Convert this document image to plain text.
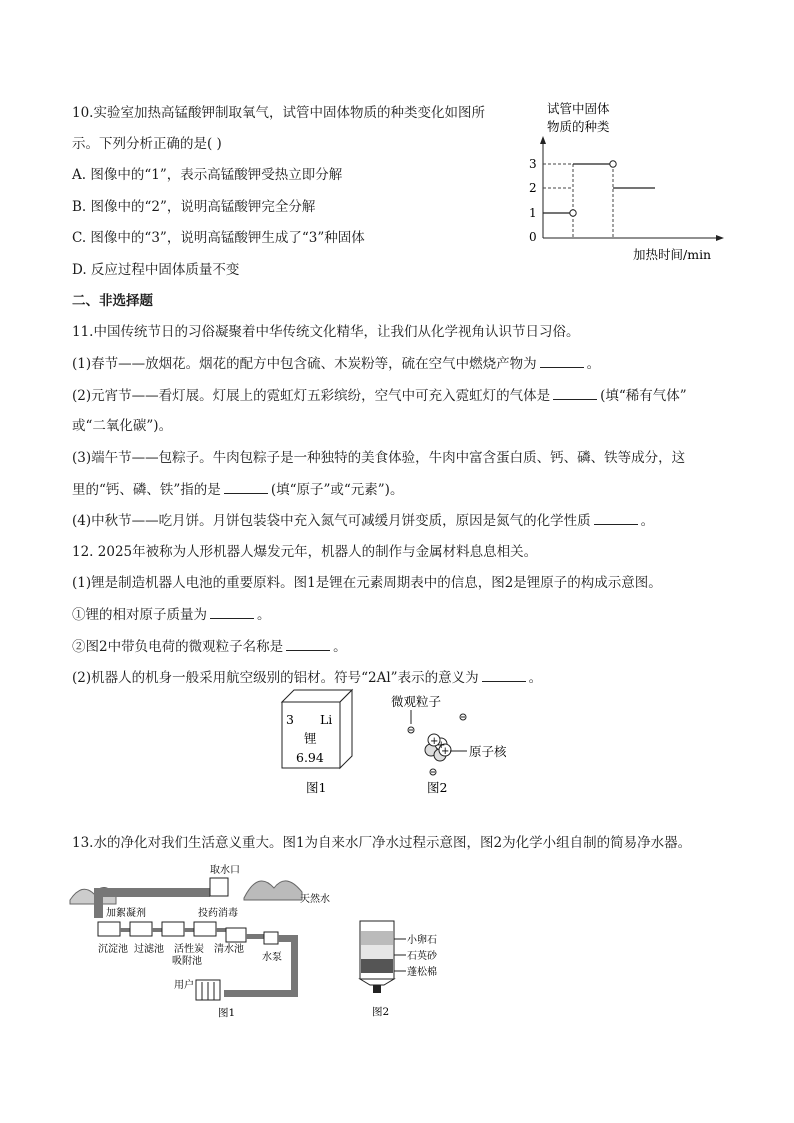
10.实验室加热高锰酸钾制取氧气，试管中固体物质的种类变化如图所
示。下列分析正确的是( )
A. 图像中的“1”，表示高锰酸钾受热立即分解
B. 图像中的“2”，说明高锰酸钾完全分解
C. 图像中的“3”，说明高锰酸钾生成了“3”种固体
D. 反应过程中固体质量不变
试管中固体
物质的种类
加热时间/min
3
2
1
0
二、非选择题
11.中国传统节日的习俗凝聚着中华传统文化精华，让我们从化学视角认识节日习俗。
(1)春节——放烟花。烟花的配方中包含硫、木炭粉等，硫在空气中燃烧产物为	。
(2)元宵节——看灯展。灯展上的霓虹灯五彩缤纷，空气中可充入霓虹灯的气体是	(填“稀有气体”
或“二氧化碳”)。
(3)端午节——包粽子。牛肉包粽子是一种独特的美食体验，牛肉中富含蛋白质、钙、磷、铁等成分，这
里的“钙、磷、铁”指的是	(填“原子”或“元素”)。
(4)中秋节——吃月饼。月饼包装袋中充入氮气可减缓月饼变质，原因是氮气的化学性质	。
12. 2025年被称为人形机器人爆发元年，机器人的制作与金属材料息息相关。
(1)锂是制造机器人电池的重要原料。图1是锂在元素周期表中的信息，图2是锂原子的构成示意图。
①锂的相对原子质量为	。
②图2中带负电荷的微观粒子名称是	。
(2)机器人的机身一般采用航空级别的铝材。符号“2Al”表示的意义为	。
3 Li
锂
6.94
图1
微观粒子
+
+
+ 原子核
图2
13.水的净化对我们生活意义重大。图1为自来水厂净水过程示意图，图2为化学小组自制的简易净水器。
取水口
天然水
加絮凝剂	投药消毒
沉淀池 过滤池 活性炭
吸附池
清水池
水泵
用户
图1
小卵石
石英砂
蓬松棉
图2
